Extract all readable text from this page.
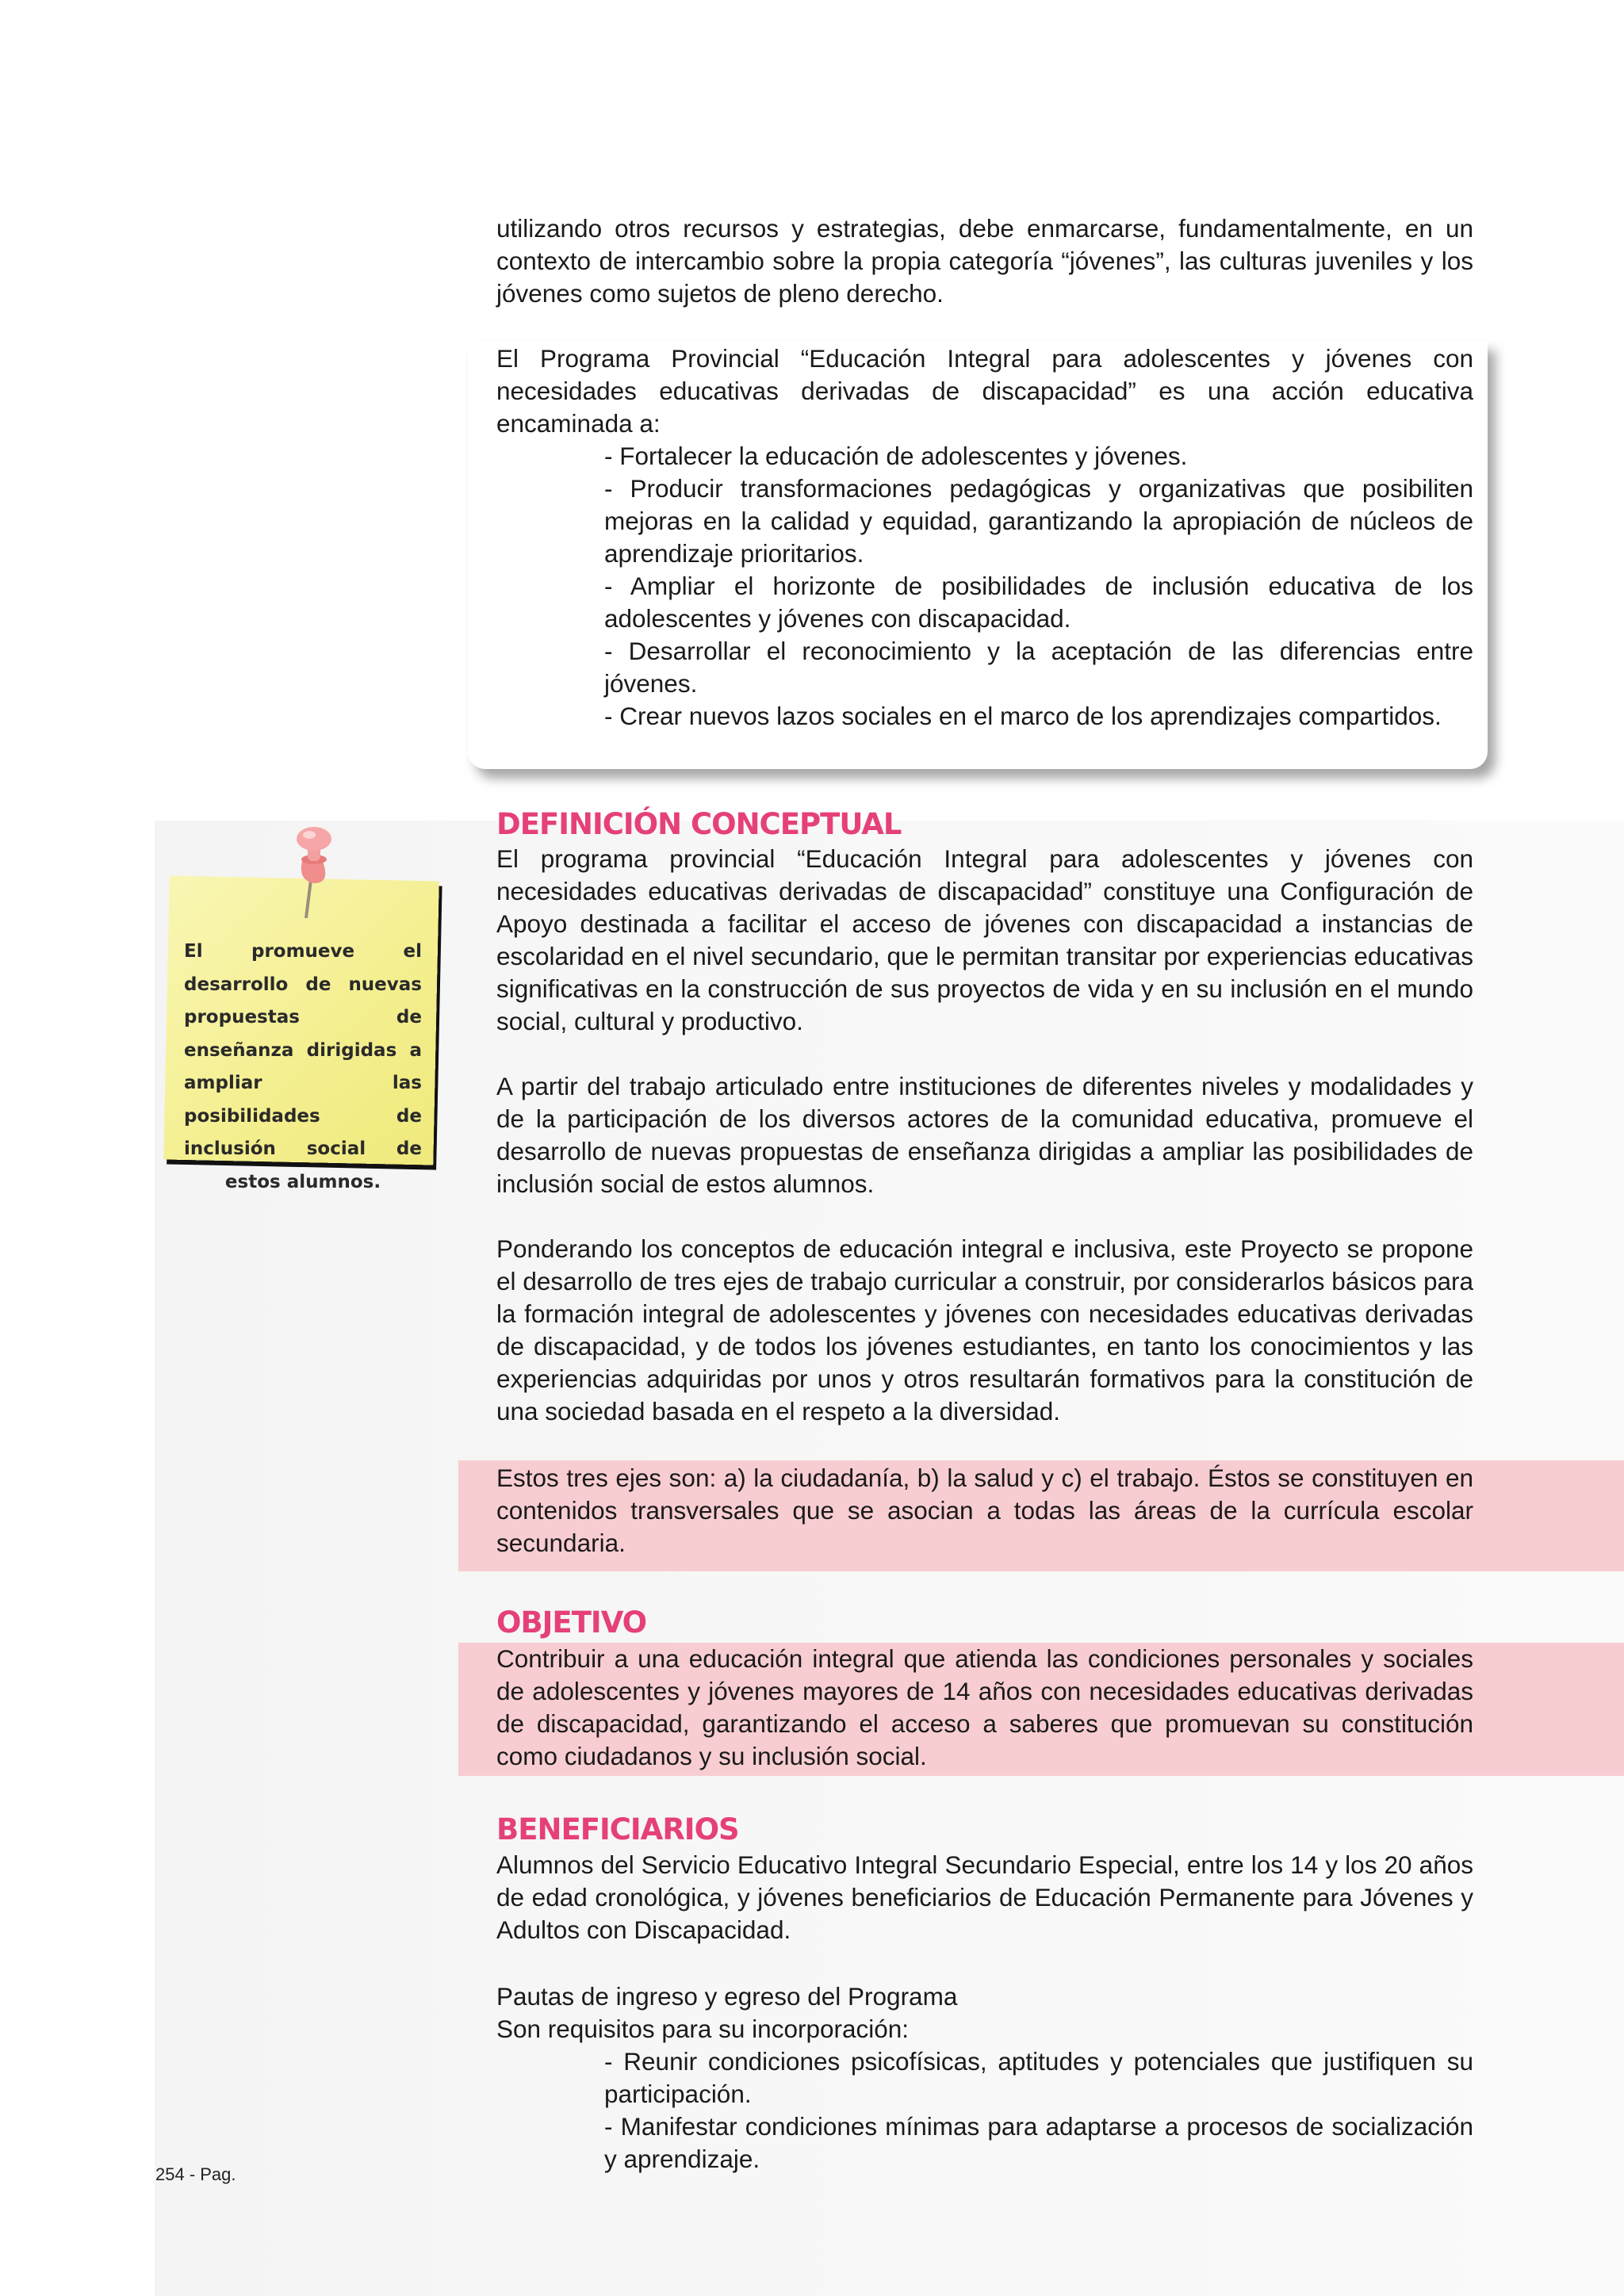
utilizando otros recursos y estrategias, debe enmarcarse, fundamentalmente, en un contexto de intercambio sobre la propia categoría “jóvenes”, las culturas juveniles y los jóvenes como sujetos de pleno derecho.

El Programa Provincial “Educación Integral para adolescentes y jóvenes con necesidades educativas derivadas de discapacidad” es una acción educativa encaminada a:

- Fortalecer la educación de adolescentes y jóvenes.

- Producir transformaciones pedagógicas y organizativas que posibiliten mejoras en la calidad y equidad, garantizando la apropiación de núcleos de aprendizaje prioritarios.

- Ampliar el horizonte de posibilidades de inclusión educativa de los adolescentes y jóvenes con discapacidad.

- Desarrollar el reconocimiento y la aceptación de las diferencias entre jóvenes.

- Crear nuevos lazos sociales en el marco de los aprendizajes compartidos.

DEFINICIÓN CONCEPTUAL

El programa provincial “Educación Integral para adolescentes y jóvenes con necesidades educativas derivadas de discapacidad” constituye una Configuración de Apoyo destinada a facilitar el acceso de jóvenes con discapacidad a instancias de escolaridad en el nivel secundario, que le permitan transitar por experiencias educativas significativas en la construcción de sus proyectos de vida y en su inclusión en el mundo social, cultural y productivo.

A partir del trabajo articulado entre instituciones de diferentes niveles y modalidades y de la participación de los diversos actores de la comunidad educativa, promueve el desarrollo de nuevas propuestas de enseñanza dirigidas a ampliar las posibilidades de inclusión social de estos alumnos.

Ponderando los conceptos de educación integral e inclusiva, este Proyecto se propone el desarrollo de tres ejes de trabajo curricular a construir, por considerarlos básicos para la formación integral de adolescentes y jóvenes con necesidades educativas derivadas de discapacidad, y de todos los jóvenes estudiantes, en tanto los conocimientos y las experiencias adquiridas por unos y otros resultarán formativos para la constitución de una sociedad basada en el respeto a la diversidad.

Estos tres ejes son: a) la ciudadanía, b) la salud y c) el trabajo. Éstos se constituyen en contenidos transversales que se asocian a todas las áreas de la currícula escolar secundaria.

OBJETIVO

Contribuir a una educación integral que atienda las condiciones personales y sociales de adolescentes y jóvenes mayores de 14 años con necesidades educativas derivadas de discapacidad, garantizando el acceso a saberes que promuevan su constitución como ciudadanos y su inclusión social.

BENEFICIARIOS

Alumnos del Servicio Educativo Integral Secundario Especial, entre los 14 y los 20 años de edad cronológica, y jóvenes beneficiarios de Educación Permanente para Jóvenes y Adultos con Discapacidad.

Pautas de ingreso y egreso del Programa

Son requisitos para su incorporación:

- Reunir condiciones psicofísicas, aptitudes y potenciales que justifiquen su participación.

- Manifestar condiciones mínimas para adaptarse a procesos de socialización y aprendizaje.

El promueve el desarrollo de nuevas propuestas de enseñanza dirigidas a ampliar las posibilidades de inclusión social de estos alumnos.
254 - Pag.
